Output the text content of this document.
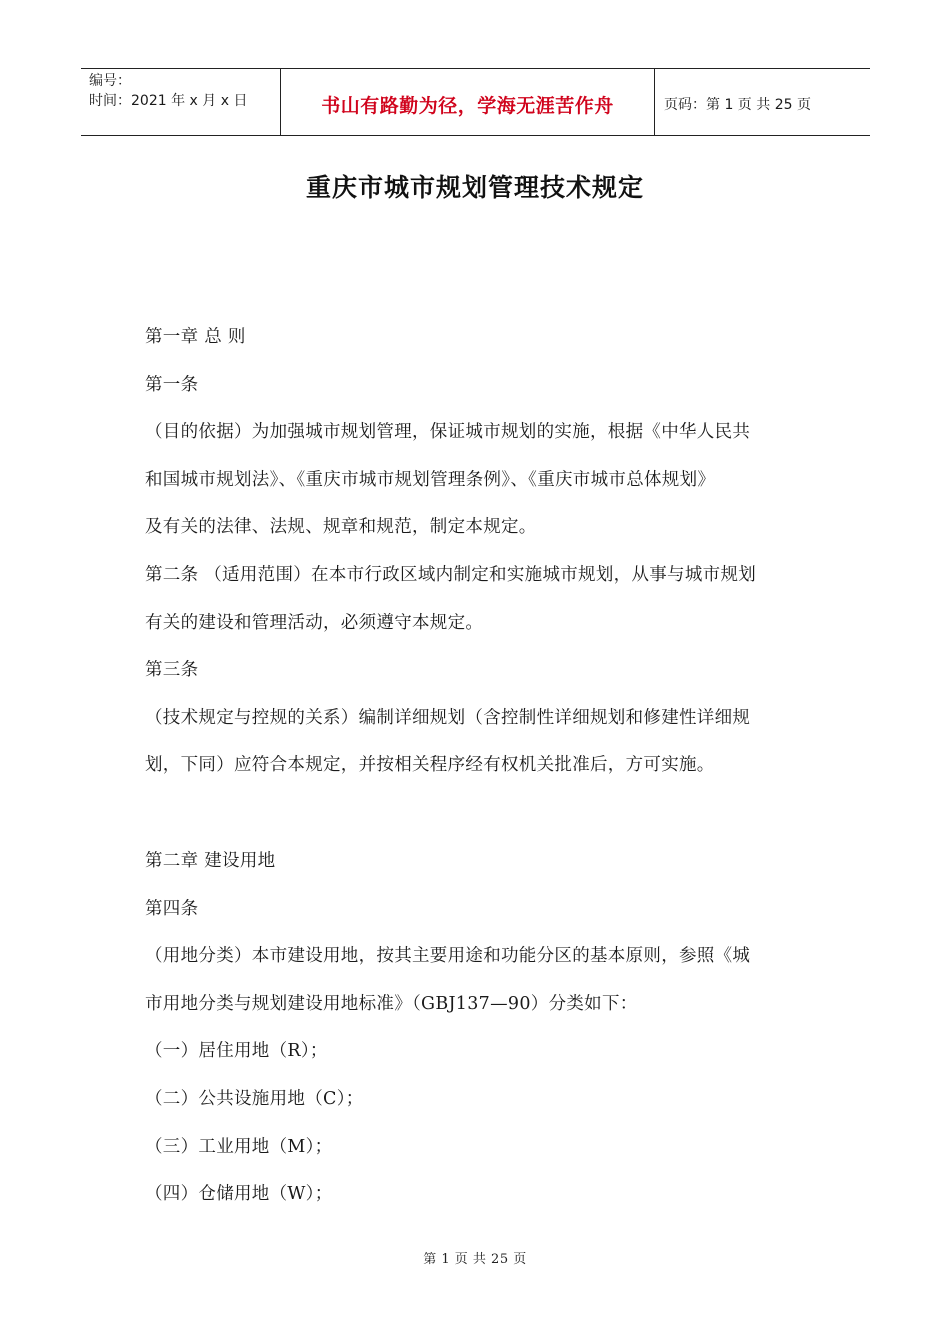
编号：
时间：2021 年 x 月 x 日	书山有路勤为径，学海无涯苦作舟	页码：第 1 页 共 25 页
重庆市城市规划管理技术规定
第一章 总 则
第一条
（目的依据）为加强城市规划管理，保证城市规划的实施，根据《中华人民共
和国城市规划法》、《重庆市城市规划管理条例》、《重庆市城市总体规划》
及有关的法律、法规、规章和规范，制定本规定。
第二条 （适用范围）在本市行政区域内制定和实施城市规划，从事与城市规划
有关的建设和管理活动，必须遵守本规定。
第三条
（技术规定与控规的关系）编制详细规划（含控制性详细规划和修建性详细规
划，下同）应符合本规定，并按相关程序经有权机关批准后，方可实施。
第二章 建设用地
第四条
（用地分类）本市建设用地，按其主要用途和功能分区的基本原则，参照《城
市用地分类与规划建设用地标准》（GBJ137—90）分类如下：
（一）居住用地（R）；
（二）公共设施用地（C）；
（三）工业用地（M）；
（四）仓储用地（W）；
第 1 页 共 25 页
